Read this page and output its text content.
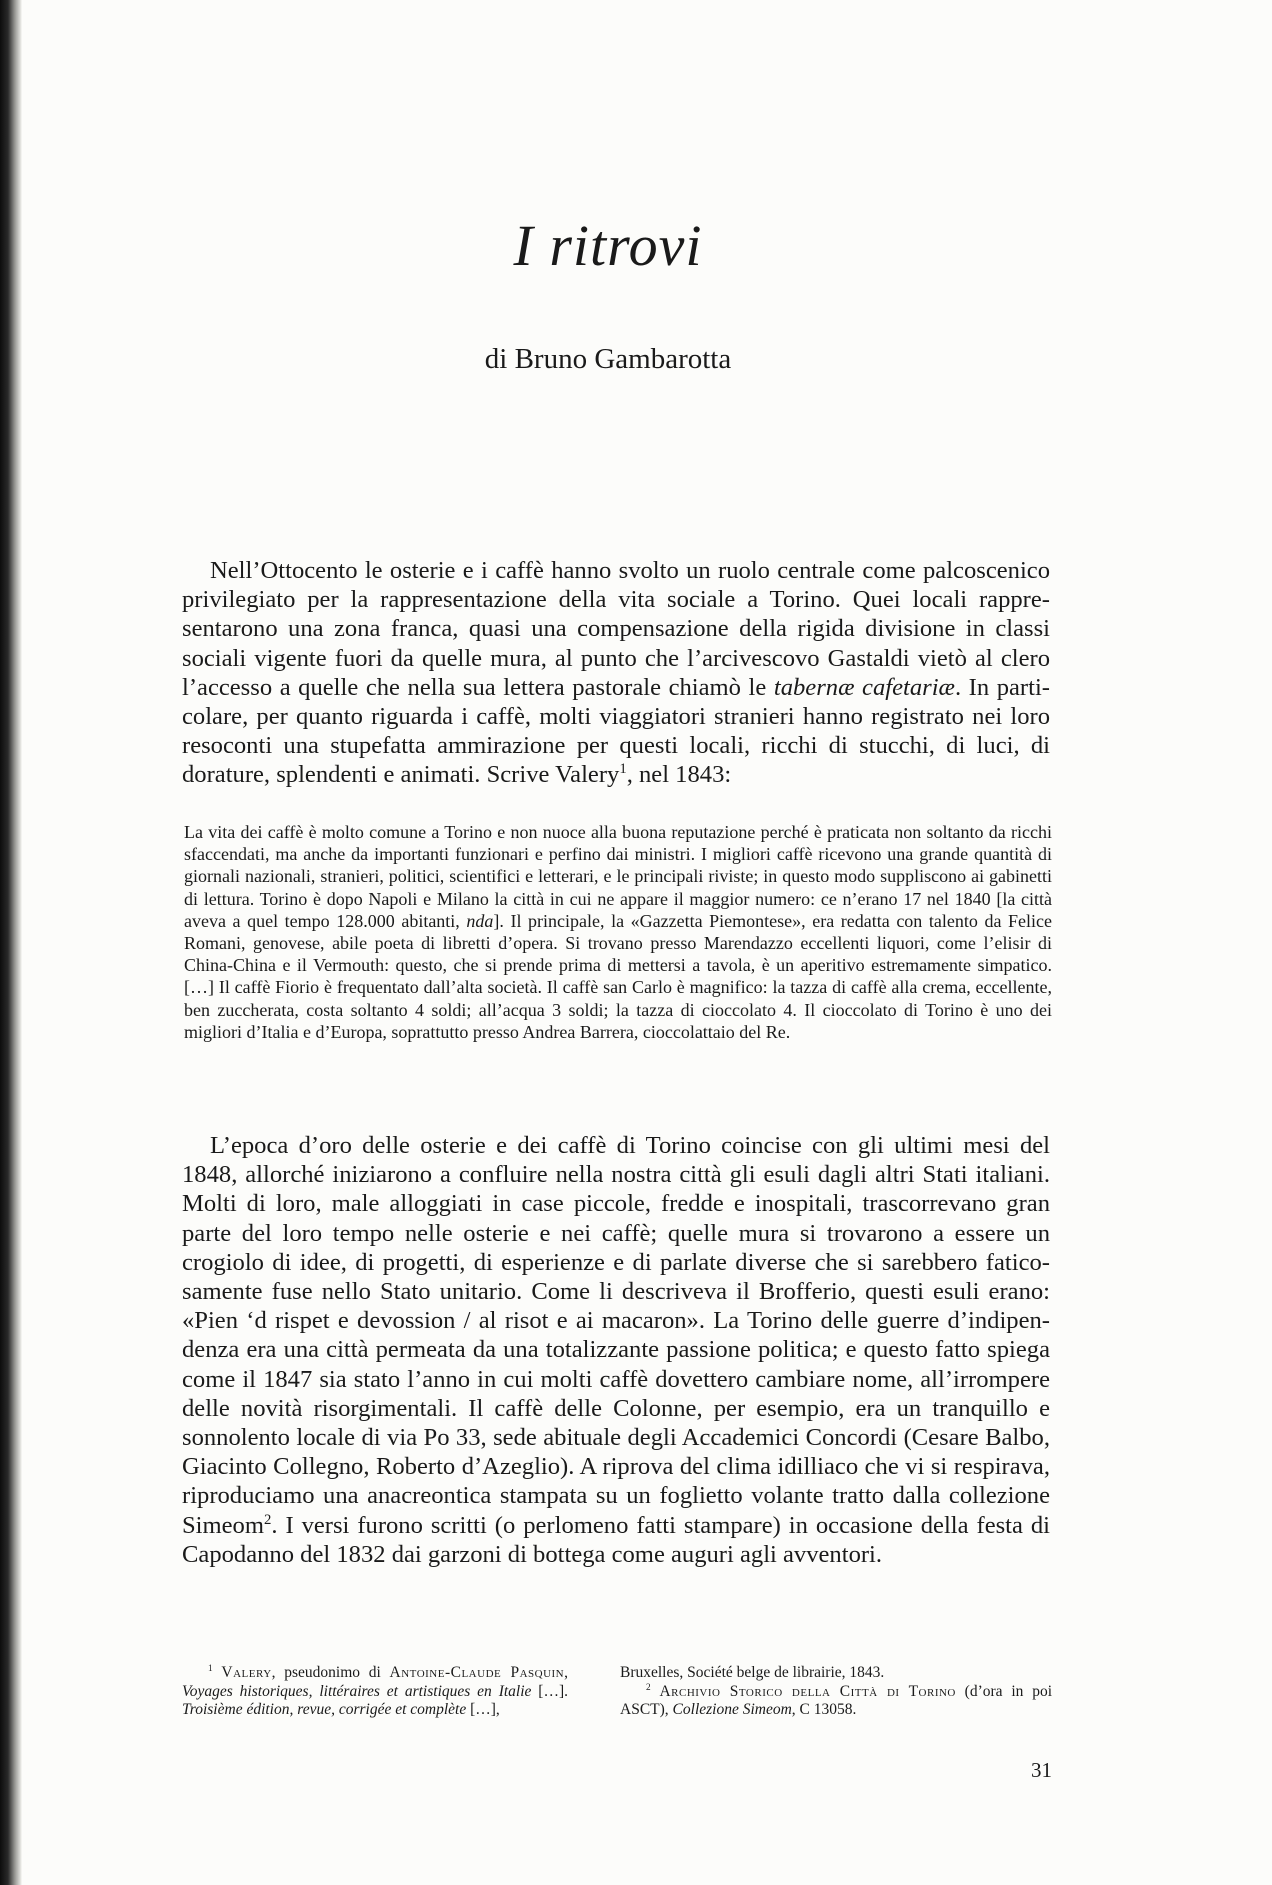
I ritrovi

di Bruno Gambarotta

Nell’Ottocento le osterie e i caffè hanno svolto un ruolo centrale come palcoscenico privilegiato per la rappresentazione della vita sociale a Torino. Quei locali rappresentarono una zona franca, quasi una compensazione della rigida divisione in classi sociali vigente fuori da quelle mura, al punto che l’arcivescovo Gastaldi vietò al clero l’accesso a quelle che nella sua lettera pastorale chiamò le tabernæ cafetariæ. In particolare, per quanto riguarda i caffè, molti viaggiatori stranieri hanno registrato nei loro resoconti una stupefatta ammirazione per questi locali, ricchi di stucchi, di luci, di dorature, splendenti e animati. Scrive Valery$^1$, nel 1843:

La vita dei caffè è molto comune a Torino e non nuoce alla buona reputazione perché è praticata non soltanto da ricchi sfaccendati, ma anche da importanti funzionari e perfino dai ministri. I migliori caffè ricevono una grande quantità di giornali nazionali, stranieri, politici, scientifici e letterari, e le principali riviste; in questo modo suppliscono ai gabinetti di lettura. Torino è dopo Napoli e Milano la città in cui ne appare il maggior numero: ce n’erano 17 nel 1840 [la città aveva a quel tempo 128.000 abitanti, nda]. Il principale, la «Gazzetta Piemontese», era redatta con talento da Felice Romani, genovese, abile poeta di libretti d’opera. Si trovano presso Marendazzo eccellenti liquori, come l’elisir di China-China e il Vermouth: questo, che si prende prima di mettersi a tavola, è un aperitivo estremamente simpatico. […] Il caffè Fiorio è frequentato dall’alta società. Il caffè san Carlo è magnifico: la tazza di caffè alla crema, eccellente, ben zuccherata, costa soltanto 4 soldi; all’acqua 3 soldi; la tazza di cioccolato 4. Il cioccolato di Torino è uno dei migliori d’Italia e d’Europa, soprattutto presso Andrea Barrera, cioccolattaio del Re.

L’epoca d’oro delle osterie e dei caffè di Torino coincise con gli ultimi mesi del 1848, allorché iniziarono a confluire nella nostra città gli esuli dagli altri Stati italiani. Molti di loro, male alloggiati in case piccole, fredde e inospitali, trascorrevano gran parte del loro tempo nelle osterie e nei caffè; quelle mura si trovarono a essere un crogiolo di idee, di progetti, di esperienze e di parlate diverse che si sarebbero faticosamente fuse nello Stato unitario. Come li descriveva il Brofferio, questi esuli erano: «Pien ‘d rispet e devossion / al risot e ai macaron». La Torino delle guerre d’indipendenza era una città permeata da una totalizzante passione politica; e questo fatto spiega come il 1847 sia stato l’anno in cui molti caffè dovettero cambiare nome, all’irrompere delle novità risorgimentali. Il caffè delle Colonne, per esempio, era un tranquillo e sonnolento locale di via Po 33, sede abituale degli Accademici Concordi (Cesare Balbo, Giacinto Collegno, Roberto d’Azeglio). A riprova del clima idilliaco che vi si respirava, riproduciamo una anacreontica stampata su un foglietto volante tratto dalla collezione Simeom$^2$. I versi furono scritti (o perlomeno fatti stampare) in occasione della festa di Capodanno del 1832 dai garzoni di bottega come auguri agli avventori.

$^1$ Valery, pseudonimo di Antoine-Claude Pasquin, Voyages historiques, littéraires et artistiques en Italie […]. Troisième édition, revue, corrigée et complète […],

Bruxelles, Société belge de librairie, 1843.
$^2$ Archivio Storico della Città di Torino (d’ora in poi ASCT), Collezione Simeom, C 13058.
31
